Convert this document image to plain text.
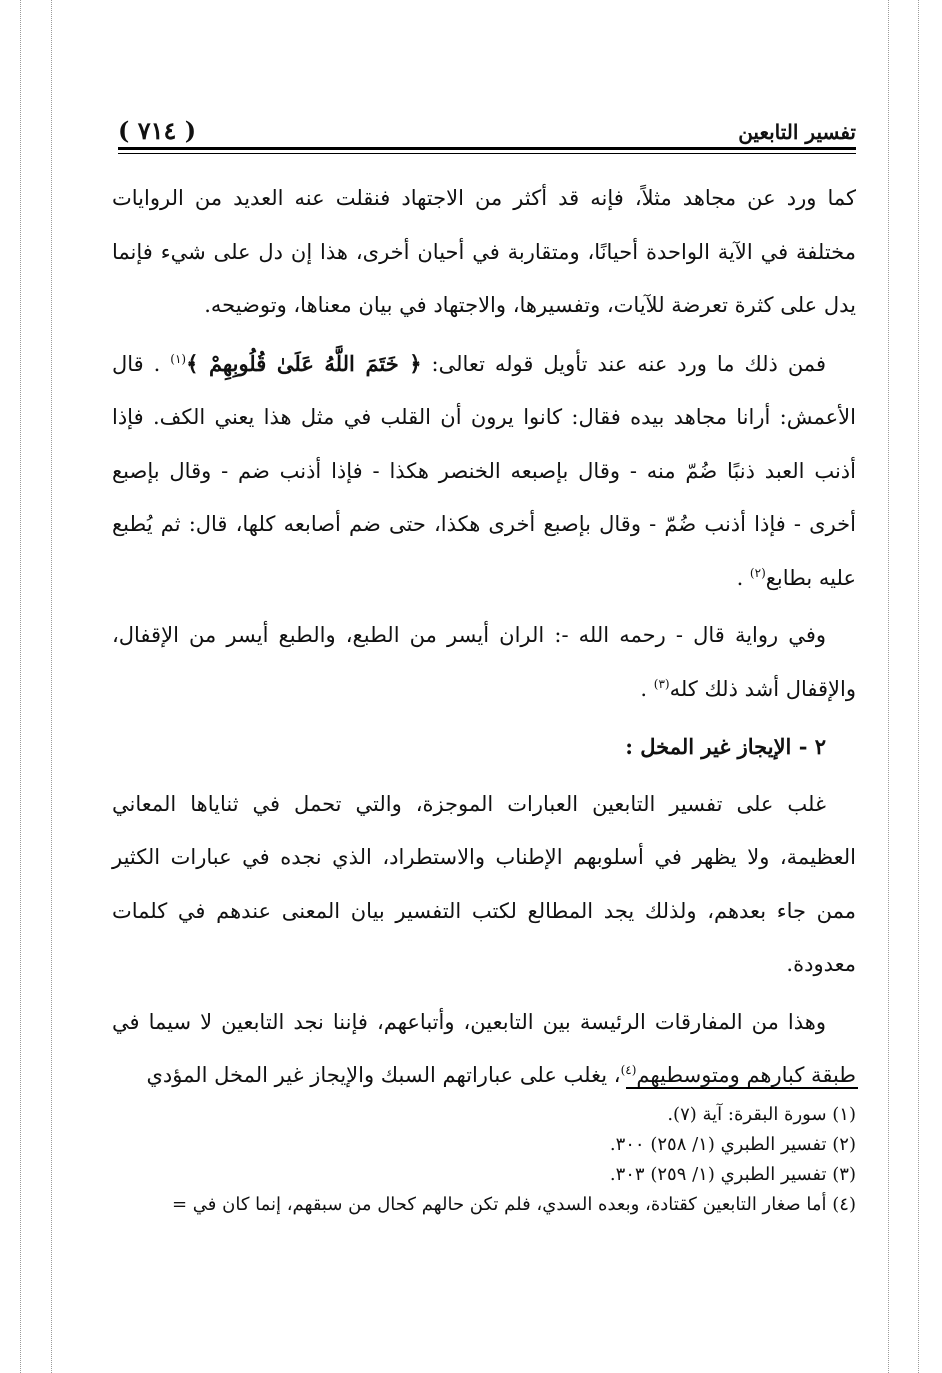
( ٧١٤ )	تفسير التابعين

كما ورد عن مجاهد مثلاً، فإنه قد أكثر من الاجتهاد فنقلت عنه العديد من الروايات مختلفة في الآية الواحدة أحيانًا، ومتقاربة في أحيان أخرى، هذا إن دل على شيء فإنما يدل على كثرة تعرضة للآيات، وتفسيرها، والاجتهاد في بيان معناها، وتوضيحه.

فمن ذلك ما ورد عنه عند تأويل قوله تعالى: ﴿ خَتَمَ اللَّهُ عَلَىٰ قُلُوبِهِمْ ﴾$^{(١)}$ . قال الأعمش: أرانا مجاهد بيده فقال: كانوا يرون أن القلب في مثل هذا يعني الكف. فإذا أذنب العبد ذنبًا ضُمّ منه - وقال بإصبعه الخنصر هكذا - فإذا أذنب ضم - وقال بإصبع أخرى - فإذا أذنب ضُمّ - وقال بإصبع أخرى هكذا، حتى ضم أصابعه كلها، قال: ثم يُطبع عليه بطابع$^{(٢)}$ .

وفي رواية قال - رحمه الله -: الران أيسر من الطبع، والطبع أيسر من الإقفال، والإقفال أشد ذلك كله$^{(٣)}$ .

٢ - الإيجاز غير المخل :

غلب على تفسير التابعين العبارات الموجزة، والتي تحمل في ثناياها المعاني العظيمة، ولا يظهر في أسلوبهم الإطناب والاستطراد، الذي نجده في عبارات الكثير ممن جاء بعدهم، ولذلك يجد المطالع لكتب التفسير بيان المعنى عندهم في كلمات معدودة.

وهذا من المفارقات الرئيسة بين التابعين، وأتباعهم، فإننا نجد التابعين لا سيما في طبقة كبارهم ومتوسطيهم$^{(٤)}$، يغلب على عباراتهم السبك والإيجاز غير المخل المؤدي

(١) سورة البقرة: آية (٧).
(٢) تفسير الطبري (١/ ٢٥٨) ٣٠٠.
(٣) تفسير الطبري (١/ ٢٥٩) ٣٠٣.
(٤) أما صغار التابعين كقتادة، وبعده السدي، فلم تكن حالهم كحال من سبقهم، إنما كان في =
